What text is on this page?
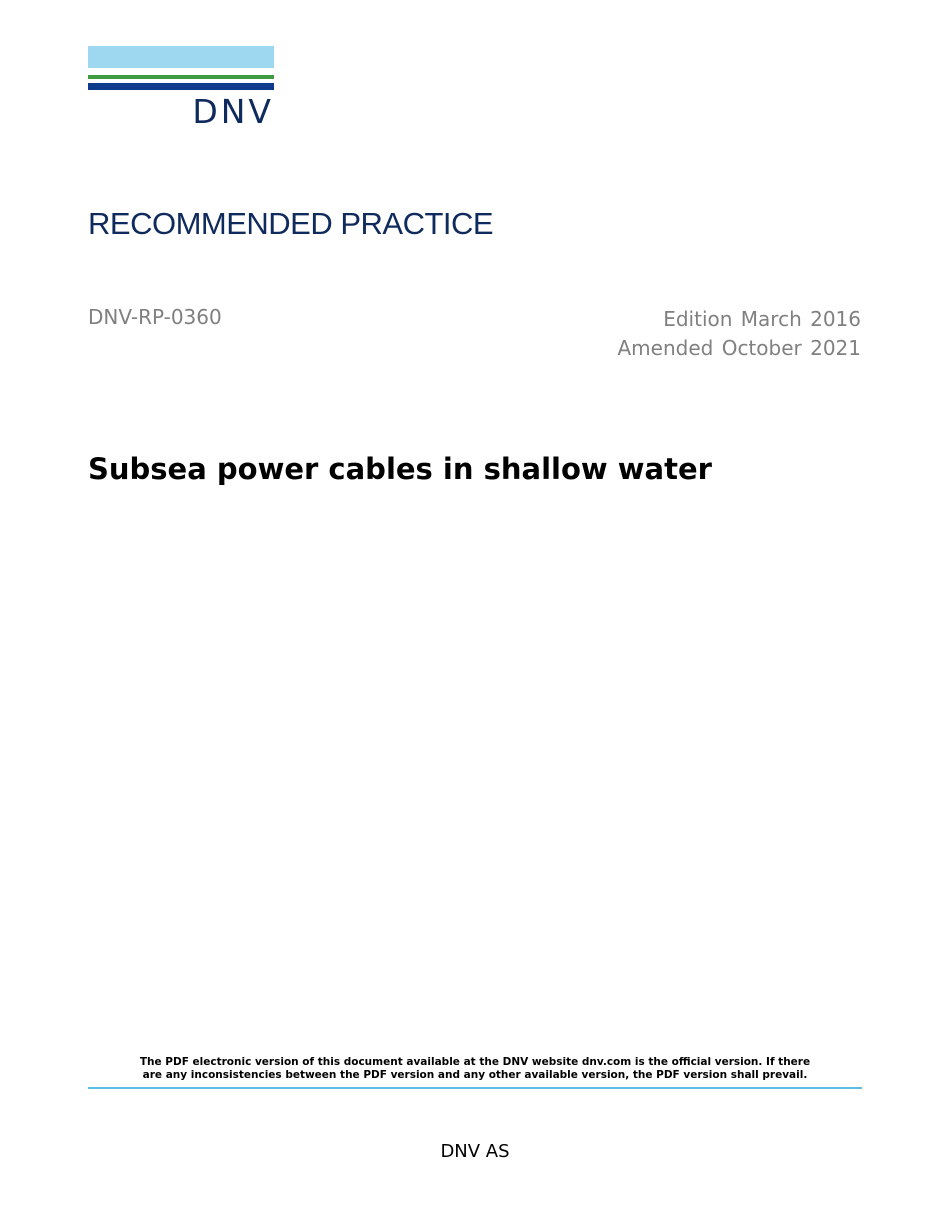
DNV
RECOMMENDED PRACTICE
DNV-RP-0360	Edition March 2016
Amended October 2021
Subsea power cables in shallow water
The PDF electronic version of this document available at the DNV website dnv.com is the official version. If there
are any inconsistencies between the PDF version and any other available version, the PDF version shall prevail.
DNV AS
